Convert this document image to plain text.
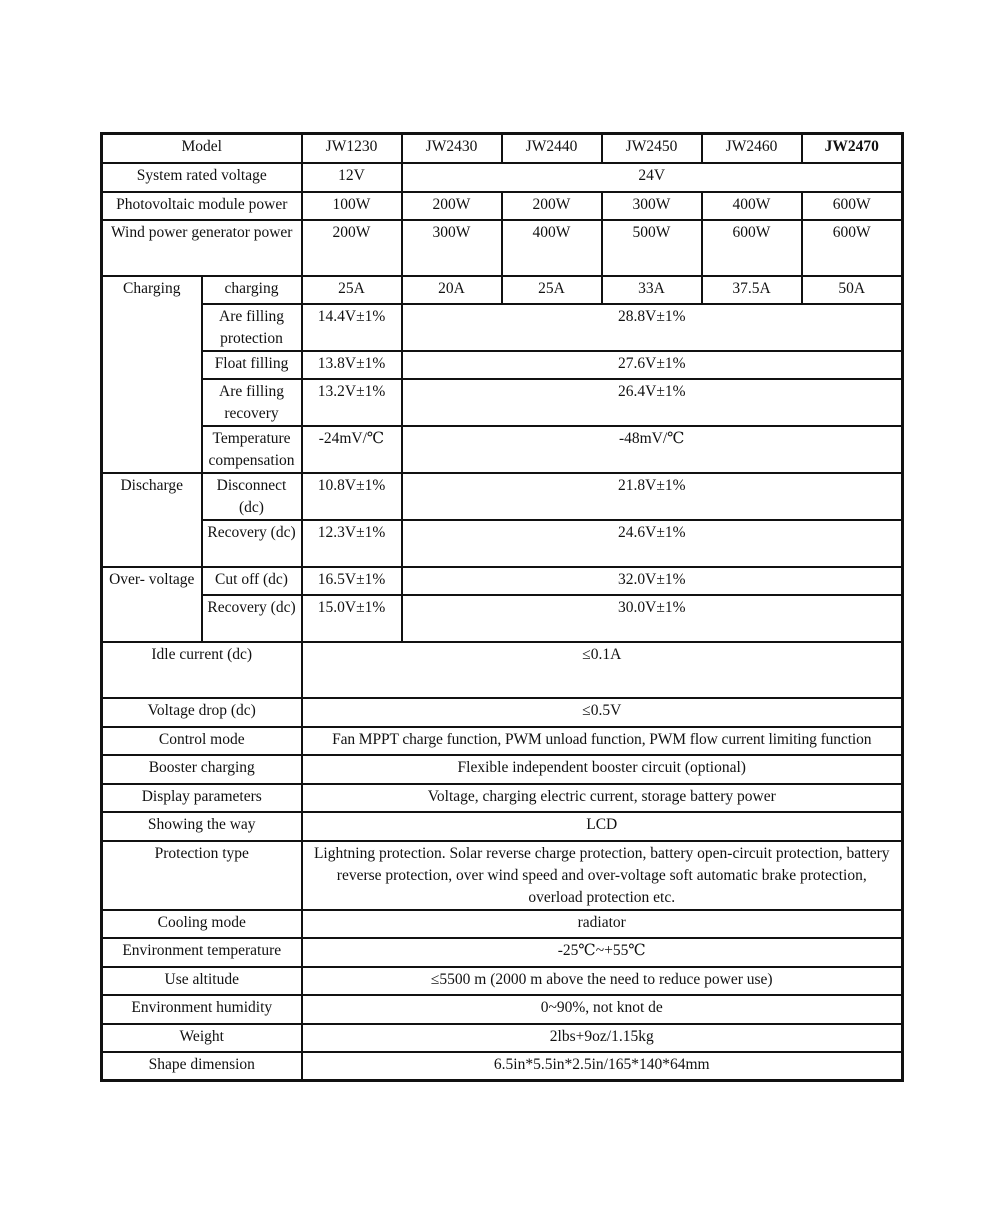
Model		JW1230	JW2430	JW2440	JW2450	JW2460	JW2470
System rated voltage		12V	24V				
Photovoltaic module power		100W	200W	200W	300W	400W	600W
Wind power generator power		200W	300W	400W	500W	600W	600W
Charging	charging	25A	20A	25A	33A	37.5A	50A
	Are filling protection	14.4V±1%	28.8V±1%				
	Float filling	13.8V±1%	27.6V±1%				
	Are filling recovery	13.2V±1%	26.4V±1%				
	Temperature compensation	-24mV/℃	-48mV/℃				
Discharge	Disconnect (dc)	10.8V±1%	21.8V±1%				
	Recovery (dc)	12.3V±1%	24.6V±1%				
Over- voltage	Cut off (dc)	16.5V±1%	32.0V±1%				
	Recovery (dc)	15.0V±1%	30.0V±1%				
Idle current (dc)		≤0.1A					
Voltage drop (dc)		≤0.5V					
Control mode		Fan MPPT charge function, PWM unload function, PWM flow current limiting function					
Booster charging		Flexible independent booster circuit (optional)					
Display parameters		Voltage, charging electric current, storage battery power					
Showing the way		LCD					
Protection type		Lightning protection. Solar reverse charge protection, battery open-circuit protection, battery reverse protection, over wind speed and over-voltage soft automatic brake protection, overload protection etc.					
Cooling mode		radiator					
Environment temperature		-25℃~+55℃					
Use altitude		≤5500 m (2000 m above the need to reduce power use)					
Environment humidity		0~90%, not knot de					
Weight		2lbs+9oz/1.15kg					
Shape dimension		6.5in*5.5in*2.5in/165*140*64mm					
